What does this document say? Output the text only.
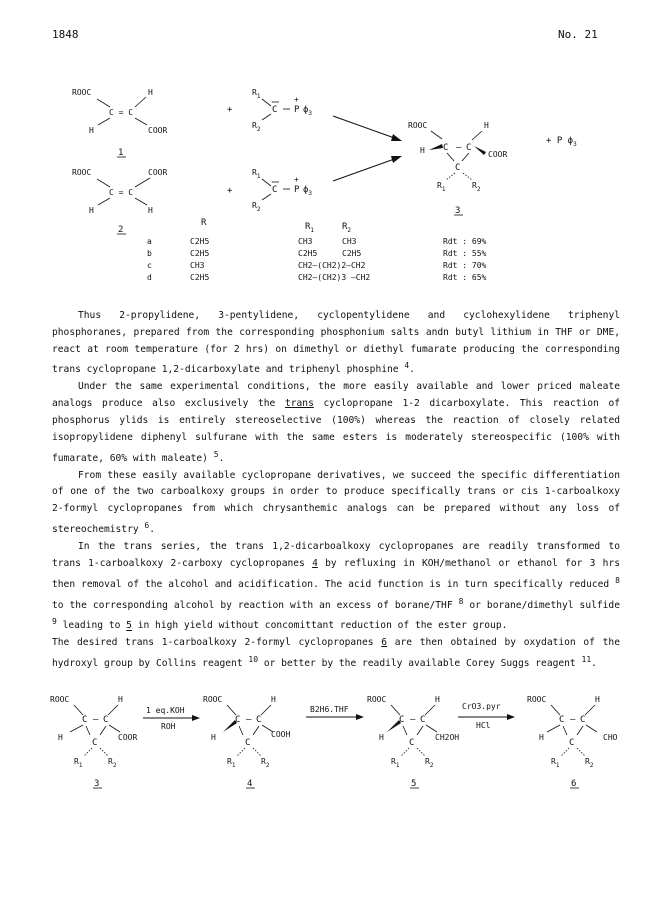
1848	No. 21
ROOC	H
C = C
H	COOR
1
ROOC	COOR
C = C
H	H
2
+
+
$R_1$
C P
+
$\phi_3$
$R_2$
$R_1$
C P
+
$\phi_3$
$R_2$
ROOC	H
H C – C
COOR
C
$R_1$	$R_2$
3
+ P $\phi_3$
R	$R_1$	$R_2$
a	C2H5	CH3	CH3	Rdt : 69%
b	C2H5	C2H5	C2H5	Rdt : 55%
c	CH3	CH2–(CH2)2–CH2	Rdt : 70%
d	C2H5	CH2–(CH2)3 –CH2	Rdt : 65%

Thus 2-propylidene, 3-pentylidene, cyclopentylidene and cyclohexylidene triphenyl phosphoranes, prepared from the corresponding phosphonium salts andn butyl lithium in THF or DME, react at room temperature (for 2 hrs) on dimethyl or diethyl fumarate producing the corresponding trans cyclopropane 1,2-dicarboxylate and triphenyl phosphine $^4$.

Under the same experimental conditions, the more easily available and lower priced maleate analogs produce also exclusively the trans cyclopropane 1-2 dicarboxylate. This reaction of phosphorus ylids is entirely stereoselective (100%) whereas the reaction of closely related isopropylidene diphenyl sulfurane with the same esters is moderately stereospecific (100% with fumarate, 60% with maleate) $^5$.

From these easily available cyclopropane derivatives, we succeed the specific differentiation of one of the two carboalkoxy groups in order to produce specifically trans or cis 1-carboalkoxy 2-formyl cyclopropanes from which chrysanthemic analogs can be prepared without any loss of stereochemistry $^6$.

In the trans series, the trans 1,2-dicarboalkoxy cyclopropanes are readily transformed to trans 1-carboalkoxy 2-carboxy cyclopropanes 4 by refluxing in KOH/methanol or ethanol for 3 hrs then removal of the alcohol and acidification. The acid function is in turn specifically reduced $^8$ to the corresponding alcohol by reaction with an excess of borane/THF $^8$ or borane/dimethyl sulfide $^9$ leading to 5 in high yield without concomittant reduction of the ester group.

The desired trans 1-carboalkoxy 2-formyl cyclopropanes 6 are then obtained by oxydation of the hydroxyl group by Collins reagent $^{10}$ or better by the readily available Corey Suggs reagent $^{11}$.

ROOC	H
C – C
H	COOR
C
$R_1$	$R_2$
3
1 eq.KOH
ROH
ROOC	H
C – C
H	COOH
C
$R_1$	$R_2$
4
B2H6.THF
ROOC	H
C – C
H	CH2OH
C
$R_1$	$R_2$
5
CrO3.pyr
HCl
ROOC	H
C – C
H	CHO
C
$R_1$	$R_2$
6
